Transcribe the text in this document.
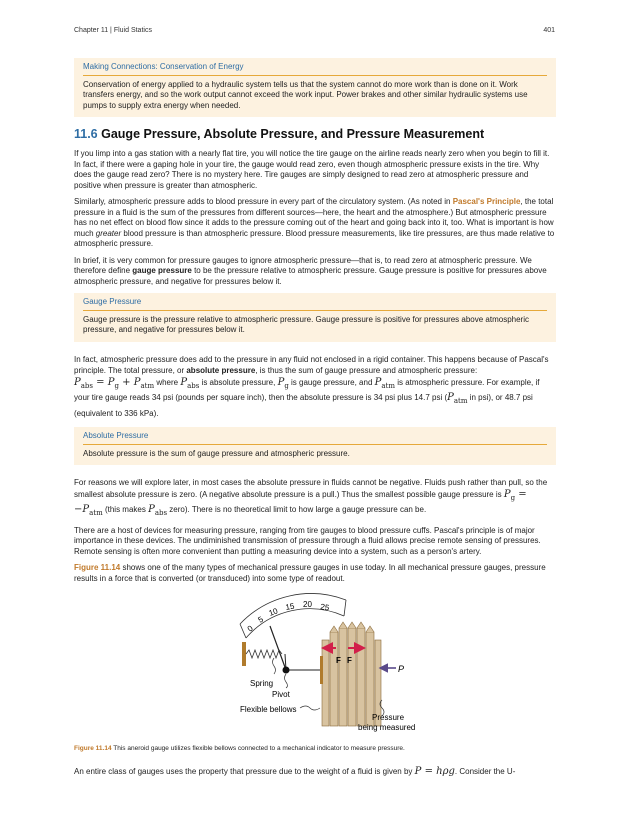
Chapter 11 | Fluid Statics	401
Making Connections: Conservation of Energy
Conservation of energy applied to a hydraulic system tells us that the system cannot do more work than is done on it. Work transfers energy, and so the work output cannot exceed the work input. Power brakes and other similar hydraulic systems use pumps to supply extra energy when needed.
11.6 Gauge Pressure, Absolute Pressure, and Pressure Measurement

If you limp into a gas station with a nearly flat tire, you will notice the tire gauge on the airline reads nearly zero when you begin to fill it. In fact, if there were a gaping hole in your tire, the gauge would read zero, even though atmospheric pressure exists in the tire. Why does the gauge read zero? There is no mystery here. Tire gauges are simply designed to read zero at atmospheric pressure and positive when pressure is greater than atmospheric.

Similarly, atmospheric pressure adds to blood pressure in every part of the circulatory system. (As noted in Pascal's Principle, the total pressure in a fluid is the sum of the pressures from different sources—here, the heart and the atmosphere.) But atmospheric pressure has no net effect on blood flow since it adds to the pressure coming out of the heart and going back into it, too. What is important is how much greater blood pressure is than atmospheric pressure. Blood pressure measurements, like tire pressures, are thus made relative to atmospheric pressure.

In brief, it is very common for pressure gauges to ignore atmospheric pressure—that is, to read zero at atmospheric pressure. We therefore define gauge pressure to be the pressure relative to atmospheric pressure. Gauge pressure is positive for pressures above atmospheric pressure, and negative for pressures below it.

Gauge Pressure
Gauge pressure is the pressure relative to atmospheric pressure. Gauge pressure is positive for pressures above atmospheric pressure, and negative for pressures below it.

In fact, atmospheric pressure does add to the pressure in any fluid not enclosed in a rigid container. This happens because of Pascal's principle. The total pressure, or absolute pressure, is thus the sum of gauge pressure and atmospheric pressure:
$P_{abs} = P_g + P_{atm}$ where $P_{abs}$ is absolute pressure, $P_g$ is gauge pressure, and $P_{atm}$ is atmospheric pressure. For example, if your tire gauge reads 34 psi (pounds per square inch), then the absolute pressure is 34 psi plus 14.7 psi ($P_{atm}$ in psi), or 48.7 psi (equivalent to 336 kPa).

Absolute Pressure
Absolute pressure is the sum of gauge pressure and atmospheric pressure.

For reasons we will explore later, in most cases the absolute pressure in fluids cannot be negative. Fluids push rather than pull, so the smallest absolute pressure is zero. (A negative absolute pressure is a pull.) Thus the smallest possible gauge pressure is $P_g = -P_{atm}$ (this makes $P_{abs}$ zero). There is no theoretical limit to how large a gauge pressure can be.

There are a host of devices for measuring pressure, ranging from tire gauges to blood pressure cuffs. Pascal's principle is of major importance in these devices. The undiminished transmission of pressure through a fluid allows precise remote sensing of pressures. Remote sensing is often more convenient than putting a measuring device into a system, such as a person's artery.

Figure 11.14 shows one of the many types of mechanical pressure gauges in use today. In all mechanical pressure gauges, pressure results in a force that is converted (or transduced) into some type of readout.

0
5
10 15 20 25
F F
P
Spring
Pivot
Flexible bellows
Pressure
being measured
Figure 11.14 This aneroid gauge utilizes flexible bellows connected to a mechanical indicator to measure pressure.

An entire class of gauges uses the property that pressure due to the weight of a fluid is given by P = hρg. Consider the U-
